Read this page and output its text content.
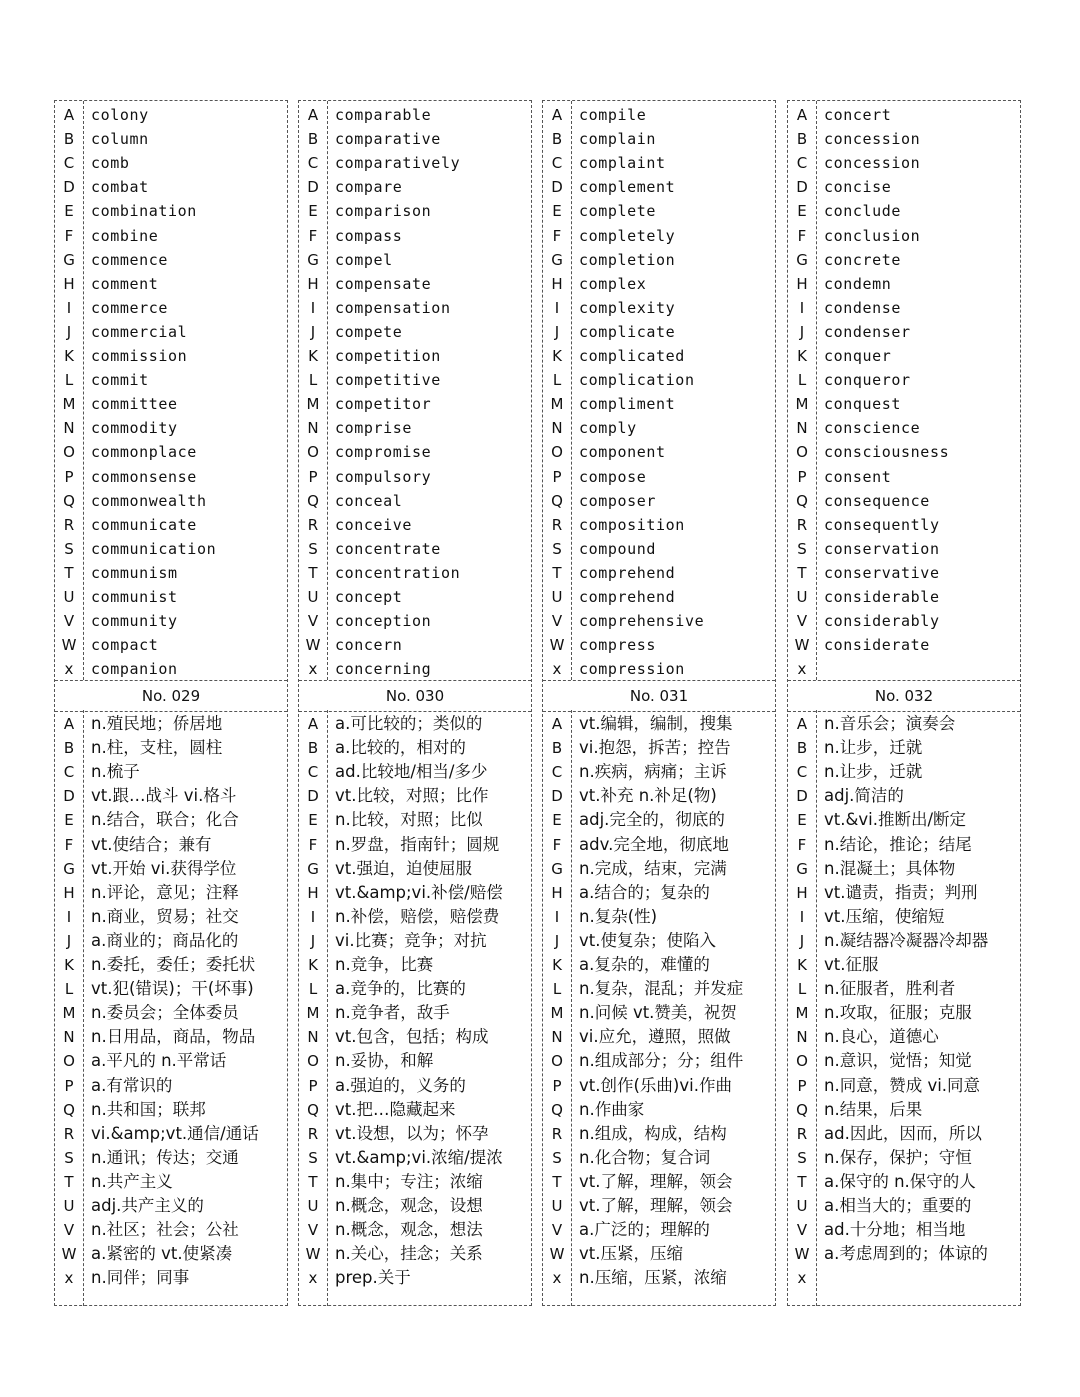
A	colony
B	column
C	comb
D	combat
E	combination
F	combine
G	commence
H	comment
I	commerce
J	commercial
K	commission
L	commit
M	committee
N	commodity
O	commonplace
P	commonsense
Q	commonwealth
R	communicate
S	communication
T	communism
U	communist
V	community
W compact
x	companion
No. 029
A	n.殖民地；侨居地
B	n.柱，支柱，圆柱
C	n.梳子
D vt.跟…战斗 vi.格斗
E	n.结合，联合；化合
F	vt.使结合；兼有
G vt.开始 vi.获得学位
H n.评论，意见；注释
I	n.商业，贸易；社交
J	a.商业的；商品化的
K	n.委托，委任；委托状
L	vt.犯(错误)；干(坏事)
M n.委员会；全体委员
N n.日用品，商品，物品
O a.平凡的 n.平常话
P	a.有常识的
Q n.共和国；联邦
R	vi.&amp;vt.通信/通话
S	n.通讯；传达；交通
T	n.共产主义
U	adj.共产主义的
V	n.社区；社会；公社
W a.紧密的 vt.使紧凑
x	n.同伴；同事
A	comparable
B	comparative
C	comparatively
D	compare
E	comparison
F	compass
G	compel
H	compensate
I	compensation
J	compete
K	competition
L	competitive
M	competitor
N	comprise
O	compromise
P	compulsory
Q	conceal
R	conceive
S	concentrate
T	concentration
U	concept
V	conception
W concern
x	concerning
No. 030
A	a.可比较的；类似的
B	a.比较的，相对的
C	ad.比较地/相当/多少
D vt.比较，对照；比作
E	n.比较，对照；比似
F	n.罗盘，指南针；圆规
G vt.强迫，迫使屈服
H vt.&amp;vi.补偿/赔偿
I	n.补偿，赔偿，赔偿费
J	vi.比赛；竞争；对抗
K	n.竞争，比赛
L	a.竞争的，比赛的
M n.竞争者，敌手
N vt.包含，包括；构成
O n.妥协，和解
P	a.强迫的，义务的
Q vt.把…隐藏起来
R	vt.设想，以为；怀孕
S	vt.&amp;vi.浓缩/提浓
T	n.集中；专注；浓缩
U	n.概念，观念，设想
V	n.概念，观念，想法
W n.关心，挂念；关系
x	prep.关于
A	compile
B	complain
C	complaint
D	complement
E	complete
F	completely
G	completion
H	complex
I	complexity
J	complicate
K	complicated
L	complication
M	compliment
N	comply
O	component
P	compose
Q	composer
R	composition
S	compound
T	comprehend
U	comprehend
V	comprehensive
W compress
x	compression
No. 031
A	vt.编辑，编制，搜集
B	vi.抱怨，拆苦；控告
C	n.疾病，病痛；主诉
D vt.补充 n.补足(物)
E	adj.完全的，彻底的
F	adv.完全地，彻底地
G n.完成，结束，完满
H a.结合的；复杂的
I	n.复杂(性)
J	vt.使复杂；使陷入
K	a.复杂的，难懂的
L	n.复杂，混乱；并发症
M n.问候 vt.赞美，祝贺
N vi.应允，遵照，照做
O n.组成部分；分；组件
P	vt.创作(乐曲)vi.作曲
Q n.作曲家
R	n.组成，构成，结构
S	n.化合物；复合词
T	vt.了解，理解，领会
U	vt.了解，理解，领会
V	a.广泛的；理解的
W vt.压紧，压缩
x	n.压缩，压紧，浓缩
A	concert
B	concession
C	concession
D	concise
E	conclude
F	conclusion
G	concrete
H	condemn
I	condense
J	condenser
K	conquer
L	conqueror
M	conquest
N	conscience
O	consciousness
P	consent
Q	consequence
R	consequently
S	conservation
T	conservative
U	considerable
V	considerably
W considerate
x
No. 032
A	n.音乐会；演奏会
B	n.让步，迁就
C	n.让步，迁就
D adj.简洁的
E	vt.&vi.推断出/断定
F	n.结论，推论；结尾
G n.混凝土；具体物
H vt.谴责，指责；判刑
I	vt.压缩，使缩短
J	n.凝结器冷凝器冷却器
K	vt.征服
L	n.征服者，胜利者
M n.攻取，征服；克服
N n.良心，道德心
O n.意识，觉悟；知觉
P	n.同意，赞成 vi.同意
Q n.结果，后果
R	ad.因此，因而，所以
S	n.保存，保护；守恒
T	a.保守的 n.保守的人
U	a.相当大的；重要的
V	ad.十分地；相当地
W a.考虑周到的；体谅的
x
